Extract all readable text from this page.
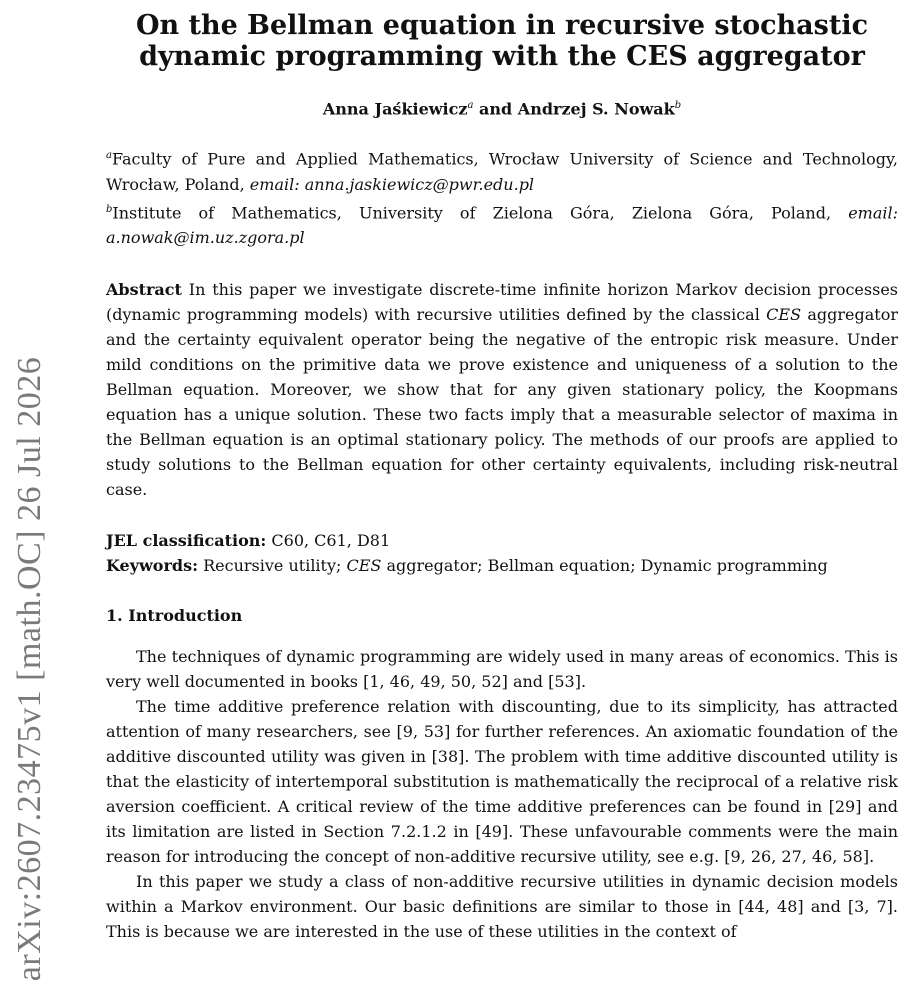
arXiv:2607.23475v1 [math.OC] 26 Jul 2026
On the Bellman equation in recursive stochastic dynamic programming with the CES aggregator
Anna Jaśkiewicz$^a$ and Andrzej S. Nowak$^b$

$^a$Faculty of Pure and Applied Mathematics, Wrocław University of Science and Technology, Wrocław, Poland, email: anna.jaskiewicz@pwr.edu.pl

$^b$Institute of Mathematics, University of Zielona Góra, Zielona Góra, Poland, email: a.nowak@im.uz.zgora.pl

Abstract In this paper we investigate discrete-time infinite horizon Markov decision processes (dynamic programming models) with recursive utilities defined by the classical CES aggregator and the certainty equivalent operator being the negative of the entropic risk measure. Under mild conditions on the primitive data we prove existence and uniqueness of a solution to the Bellman equation. Moreover, we show that for any given stationary policy, the Koopmans equation has a unique solution. These two facts imply that a measurable selector of maxima in the Bellman equation is an optimal stationary policy. The methods of our proofs are applied to study solutions to the Bellman equation for other certainty equivalents, including risk-neutral case.
JEL classification: C60, C61, D81
Keywords: Recursive utility; CES aggregator; Bellman equation; Dynamic programming
1. Introduction

The techniques of dynamic programming are widely used in many areas of economics. This is very well documented in books [1, 46, 49, 50, 52] and [53].

The time additive preference relation with discounting, due to its simplicity, has attracted attention of many researchers, see [9, 53] for further references. An axiomatic foundation of the additive discounted utility was given in [38]. The problem with time additive discounted utility is that the elasticity of intertemporal substitution is mathematically the reciprocal of a relative risk aversion coefficient. A critical review of the time additive preferences can be found in [29] and its limitation are listed in Section 7.2.1.2 in [49]. These unfavourable comments were the main reason for introducing the concept of non-additive recursive utility, see e.g. [9, 26, 27, 46, 58].

In this paper we study a class of non-additive recursive utilities in dynamic decision models within a Markov environment. Our basic definitions are similar to those in [44, 48] and [3, 7]. This is because we are interested in the use of these utilities in the context of
